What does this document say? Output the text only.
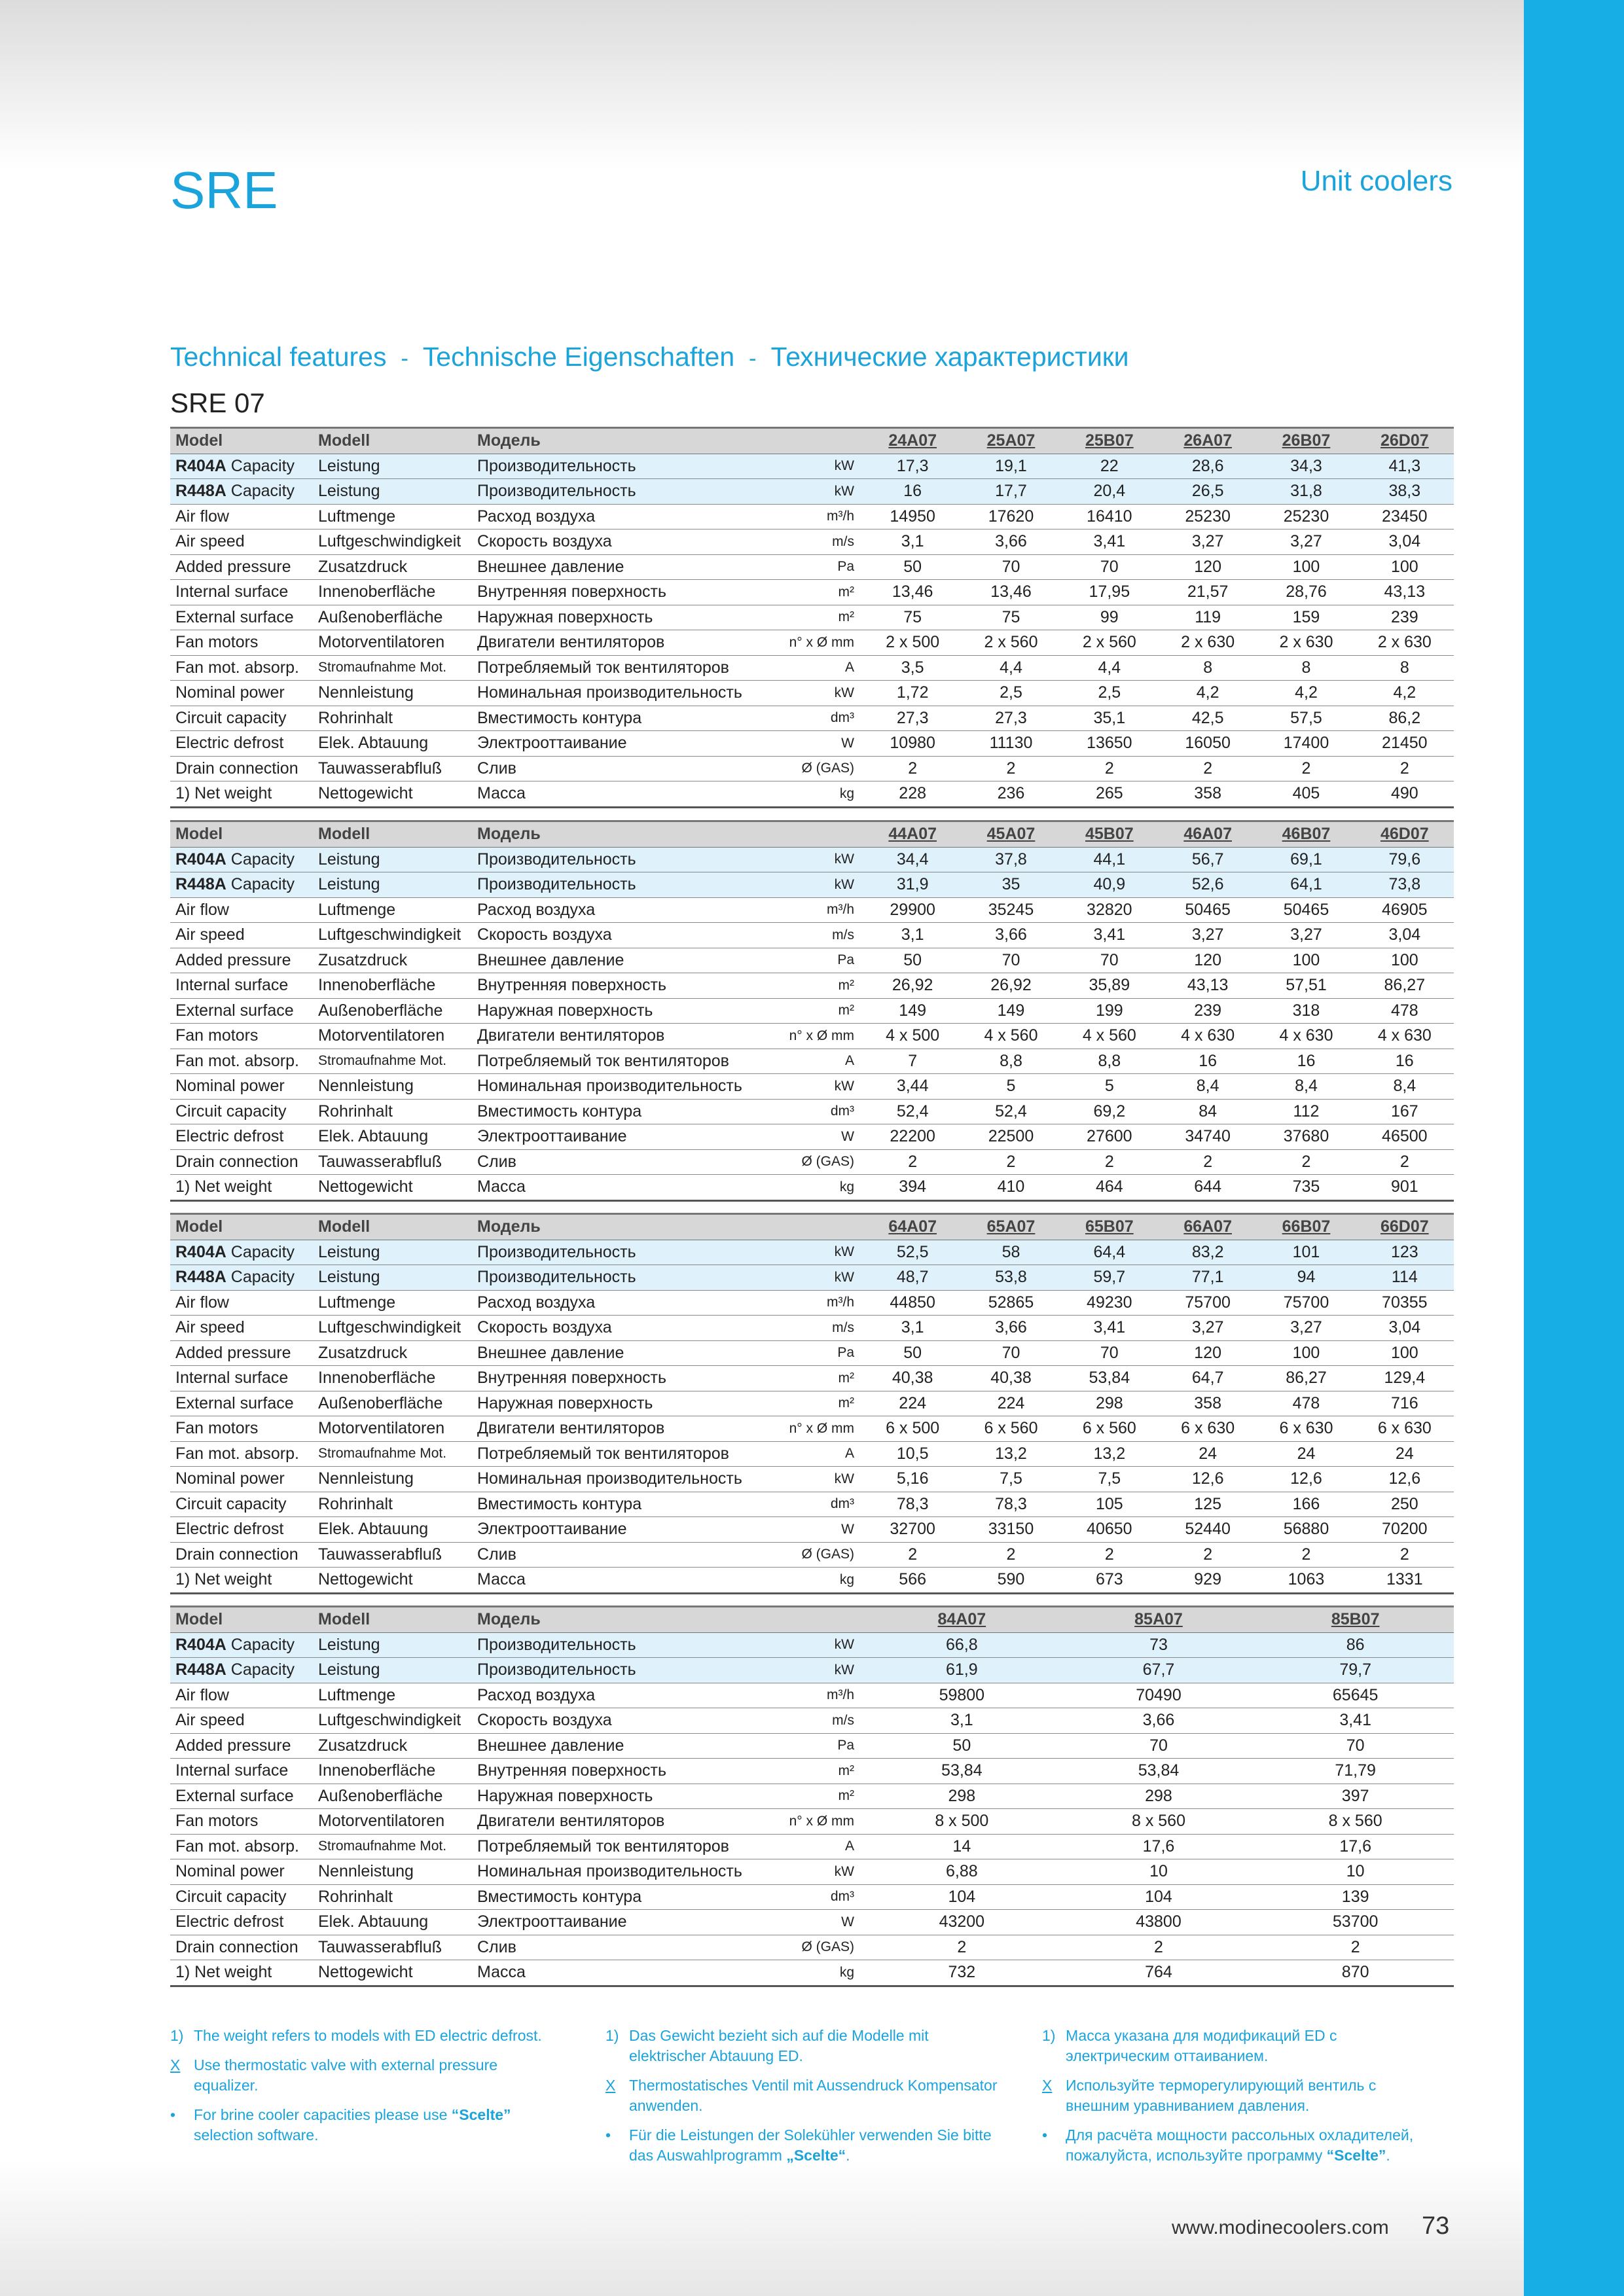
SRE	Unit coolers
Technical features - Technische Eigenschaften - Технические характеристики
SRE 07
Model	Modell	Модель		24A07	25A07	25B07	26A07	26B07	26D07
R404A Capacity	Leistung	Производительность	kW	17,3	19,1	22	28,6	34,3	41,3
R448A Capacity	Leistung	Производительность	kW	16	17,7	20,4	26,5	31,8	38,3
Air flow	Luftmenge	Расход воздуха	m³/h	14950	17620	16410	25230	25230	23450
Air speed	Luftgeschwindigkeit	Скорость воздуха	m/s	3,1	3,66	3,41	3,27	3,27	3,04
Added pressure	Zusatzdruck	Внешнее давление	Pa	50	70	70	120	100	100
Internal surface	Innenoberfläche	Внутренняя поверхность	m²	13,46	13,46	17,95	21,57	28,76	43,13
External surface	Außenoberfläche	Наружная поверхность	m²	75	75	99	119	159	239
Fan motors	Motorventilatoren	Двигатели вентиляторов	n° x Ø mm	2 x 500	2 x 560	2 x 560	2 x 630	2 x 630	2 x 630
Fan mot. absorp.	Stromaufnahme Mot.	Потребляемый ток вентиляторов	A	3,5	4,4	4,4	8	8	8
Nominal power	Nennleistung	Номинальная производительность	kW	1,72	2,5	2,5	4,2	4,2	4,2
Circuit capacity	Rohrinhalt	Вместимость контура	dm³	27,3	27,3	35,1	42,5	57,5	86,2
Electric defrost	Elek. Abtauung	Электрооттаивание	W	10980	11130	13650	16050	17400	21450
Drain connection	Tauwasserabfluß	Слив	Ø (GAS)	2	2	2	2	2	2
1) Net weight	Nettogewicht	Масса	kg	228	236	265	358	405	490
Model	Modell	Модель		44A07	45A07	45B07	46A07	46B07	46D07
R404A Capacity	Leistung	Производительность	kW	34,4	37,8	44,1	56,7	69,1	79,6
R448A Capacity	Leistung	Производительность	kW	31,9	35	40,9	52,6	64,1	73,8
Air flow	Luftmenge	Расход воздуха	m³/h	29900	35245	32820	50465	50465	46905
Air speed	Luftgeschwindigkeit	Скорость воздуха	m/s	3,1	3,66	3,41	3,27	3,27	3,04
Added pressure	Zusatzdruck	Внешнее давление	Pa	50	70	70	120	100	100
Internal surface	Innenoberfläche	Внутренняя поверхность	m²	26,92	26,92	35,89	43,13	57,51	86,27
External surface	Außenoberfläche	Наружная поверхность	m²	149	149	199	239	318	478
Fan motors	Motorventilatoren	Двигатели вентиляторов	n° x Ø mm	4 x 500	4 x 560	4 x 560	4 x 630	4 x 630	4 x 630
Fan mot. absorp.	Stromaufnahme Mot.	Потребляемый ток вентиляторов	A	7	8,8	8,8	16	16	16
Nominal power	Nennleistung	Номинальная производительность	kW	3,44	5	5	8,4	8,4	8,4
Circuit capacity	Rohrinhalt	Вместимость контура	dm³	52,4	52,4	69,2	84	112	167
Electric defrost	Elek. Abtauung	Электрооттаивание	W	22200	22500	27600	34740	37680	46500
Drain connection	Tauwasserabfluß	Слив	Ø (GAS)	2	2	2	2	2	2
1) Net weight	Nettogewicht	Масса	kg	394	410	464	644	735	901
Model	Modell	Модель		64A07	65A07	65B07	66A07	66B07	66D07
R404A Capacity	Leistung	Производительность	kW	52,5	58	64,4	83,2	101	123
R448A Capacity	Leistung	Производительность	kW	48,7	53,8	59,7	77,1	94	114
Air flow	Luftmenge	Расход воздуха	m³/h	44850	52865	49230	75700	75700	70355
Air speed	Luftgeschwindigkeit	Скорость воздуха	m/s	3,1	3,66	3,41	3,27	3,27	3,04
Added pressure	Zusatzdruck	Внешнее давление	Pa	50	70	70	120	100	100
Internal surface	Innenoberfläche	Внутренняя поверхность	m²	40,38	40,38	53,84	64,7	86,27	129,4
External surface	Außenoberfläche	Наружная поверхность	m²	224	224	298	358	478	716
Fan motors	Motorventilatoren	Двигатели вентиляторов	n° x Ø mm	6 x 500	6 x 560	6 x 560	6 x 630	6 x 630	6 x 630
Fan mot. absorp.	Stromaufnahme Mot.	Потребляемый ток вентиляторов	A	10,5	13,2	13,2	24	24	24
Nominal power	Nennleistung	Номинальная производительность	kW	5,16	7,5	7,5	12,6	12,6	12,6
Circuit capacity	Rohrinhalt	Вместимость контура	dm³	78,3	78,3	105	125	166	250
Electric defrost	Elek. Abtauung	Электрооттаивание	W	32700	33150	40650	52440	56880	70200
Drain connection	Tauwasserabfluß	Слив	Ø (GAS)	2	2	2	2	2	2
1) Net weight	Nettogewicht	Масса	kg	566	590	673	929	1063	1331
Model	Modell	Модель		84A07	85A07	85B07
R404A Capacity	Leistung	Производительность	kW	66,8	73	86
R448A Capacity	Leistung	Производительность	kW	61,9	67,7	79,7
Air flow	Luftmenge	Расход воздуха	m³/h	59800	70490	65645
Air speed	Luftgeschwindigkeit	Скорость воздуха	m/s	3,1	3,66	3,41
Added pressure	Zusatzdruck	Внешнее давление	Pa	50	70	70
Internal surface	Innenoberfläche	Внутренняя поверхность	m²	53,84	53,84	71,79
External surface	Außenoberfläche	Наружная поверхность	m²	298	298	397
Fan motors	Motorventilatoren	Двигатели вентиляторов	n° x Ø mm	8 x 500	8 x 560	8 x 560
Fan mot. absorp.	Stromaufnahme Mot.	Потребляемый ток вентиляторов	A	14	17,6	17,6
Nominal power	Nennleistung	Номинальная производительность	kW	6,88	10	10
Circuit capacity	Rohrinhalt	Вместимость контура	dm³	104	104	139
Electric defrost	Elek. Abtauung	Электрооттаивание	W	43200	43800	53700
Drain connection	Tauwasserabfluß	Слив	Ø (GAS)	2	2	2
1) Net weight	Nettogewicht	Масса	kg	732	764	870
1) The weight refers to models with ED electric defrost.
X Use thermostatic valve with external pressure equalizer.
• For brine cooler capacities please use “Scelte” selection software.
1) Das Gewicht bezieht sich auf die Modelle mit elektrischer Abtauung ED.
X Thermostatisches Ventil mit Aussendruck Kompensator anwenden.
• Für die Leistungen der Solekühler verwenden Sie bitte das Auswahlprogramm „Scelte“.
1) Масса указана для модификаций ED с электрическим оттаиванием.
X Используйте терморегулирующий вентиль с внешним уравниванием давления.
• Для расчёта мощности рассольных охладителей, пожалуйста, используйте программу “Scelte”.
www.modinecoolers.com 73
